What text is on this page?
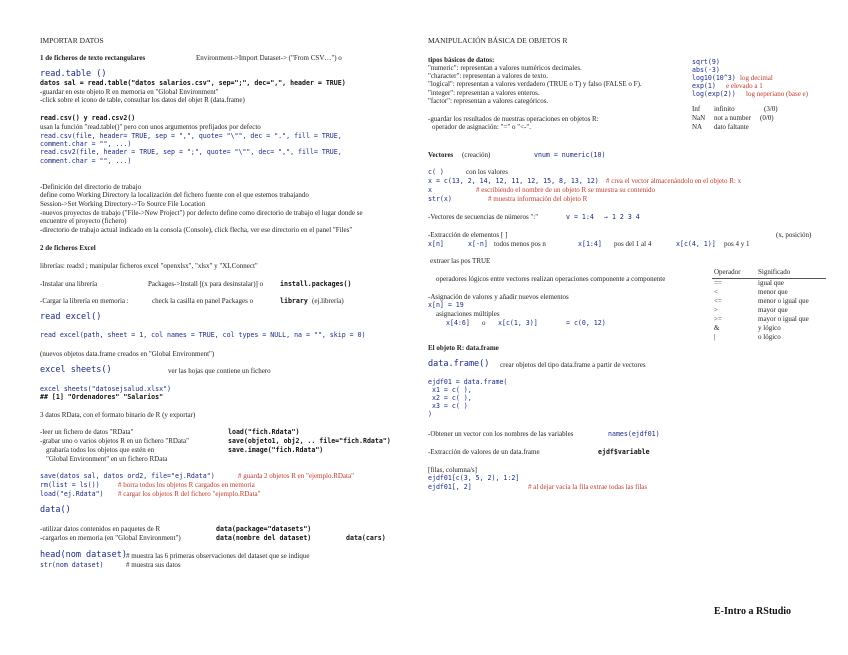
IMPORTAR DATOS
1 de ficheros de texto rectangulares	Environment->Import Dataset-> ("From CSV…") o
read.table ()
datos sal = read.table("datos salarios.csv", sep=";", dec=",", header = TRUE)
-guardar en este objeto R en memoria en "Global Environment"
-click sobre el icono de table, consultar los datos del objet R (data.frame)
read.csv() y read.csv2()
usan la función "read.table()" pero con unos argumentos prefijados por defecto
read.csv(file, header= TRUE, sep = ",", quote= "\"", dec = ".", fill = TRUE,
comment.char = "", ...)
read.csv2(file, header = TRUE, sep = ";", quote= "\"", dec= ",", fill= TRUE,
comment.char = "", ...)
-Definición del directorio de trabajo
define como Working Directory la localización del fichero fuente con el que estemos trabajando
Session->Set Working Directory->To Source File Location
-nuevos proyectos de trabajo ("File->New Project") por defecto define como directorio de trabajo el lugar donde se
encuentre el proyecto (fichero)
-directorio de trabajo actual indicado en la consola (Console), click flecha, ver ese directorio en el panel "Files"
2 de ficheros Excel
librerías: readxl ; manipular ficheros excel "openxlsx", "xlsx" y "XLConnect"
-Instalar una librería	Packages->Install [(x para desinstalar)] o	install.packages()
-Cargar la librería en memoria :	check la casilla en panel Packages o	library (ej.librería)
read excel()
read excel(path, sheet = 1, col names = TRUE, col types = NULL, na = "", skip = 0)
(nuevos objetos data.frame creados en "Global Environment")
excel sheets()	ver las hojas que contiene un fichero
excel sheets("datosejsalud.xlsx")
## [1] "Ordenadores" "Salarios"
3 datos RData, con el formato binario de R (y exportar)
-leer un fichero de datos "RData"	load("fich.Rdata")
-grabar uno o varios objetos R en un fichero "RData"	save(objeto1, obj2, .. file="fich.Rdata")
grabaría todos los objetos que estén en	save.image("fich.Rdata")
"Global Environment" en un fichero RData
save(datos sal, datos ord2, file="ej.Rdata")	# guarda 2 objetos R en "ejemplo.RData"
rm(list = ls())	# borra todos los objetos R cargados en memoria
load("ej.Rdata") # cargar los objetos R del fichero "ejemplo.RData"
data()
-utilizar datos contenidos en paquetes de R	data(package="datasets")
-cargarlos en memoria (en "Global Environment")	data(nombre del dataset)	data(cars)
head(nom dataset) # muestra las 6 primeras observaciones del dataset que se indique
str(nom dataset)	# muestra sus datos
MANIPULACIÓN BÁSICA DE OBJETOS R
tipos básicos de datos:
"numeric": representan a valores numéricos decimales.
"character": representan a valores de texto.
"logical": representan a valores verdadero (TRUE o T) y falso (FALSE o F).
"integer": representan a valores enteros.
"factor": representan a valores categóricos.
sqrt(9)
abs(-3)
log10(10^3) log decimal
exp(1) e elevado a 1
log(exp(2)) log neperiano (base e)
-guardar los resultados de nuestras operaciones en objetos R:
operador de asignación: "=" o "<-".
Inf infinito	(3/0)
NaN not a number (0/0)
NA dato faltante
Vectores (creación)	vnum = numeric(10)
c( )	con los valores
x = c(13, 2, 14, 12, 11, 12, 15, 8, 13, 12) # crea el vector almacenándolo en el objeto R: x
x	# escribiendo el nombre de un objeto R se muestra su contenido
str(x)	# muestra información del objeto R
-Vectores de secuencias de números ":"	v = 1:4 → 1 2 3 4
-Extracción de elementos [ ]	(x, posición)
x[n]	x[-n] todos menos pos n	x[1:4] pos del 1 al 4	x[c(4, 1)] pos 4 y 1
extraer las pos TRUE
operadores lógicos entre vectores realizan operaciones componente a componente
-Asignación de valores y añadir nuevos elementos
x[n] = 19
asignaciones múltiples
x[4:6] o x[c(1, 3)]	= c(0, 12)
El objeto R: data.frame
data.frame() crear objetos del tipo data.frame a partir de vectores
ejdf01 = data.frame(
x1 = c( ),
x2 = c( ),
x3 = c( )
)
-Obtener un vector con los nombres de las variables	names(ejdf01)
-Extracción de valores de un data.frame	ejdf$variable
[filas, columna/s]
ejdf01[c(3, 5, 2), 1:2]
ejdf01[, 2]	# al dejar vacía la fila extrae todas las filas
Operador	Significado
==	igual que
<	menor que
<=	menor o igual que
>	mayor que
>=	mayor o igual que
&	y lógico
|	o lógico
E-Intro a RStudio
